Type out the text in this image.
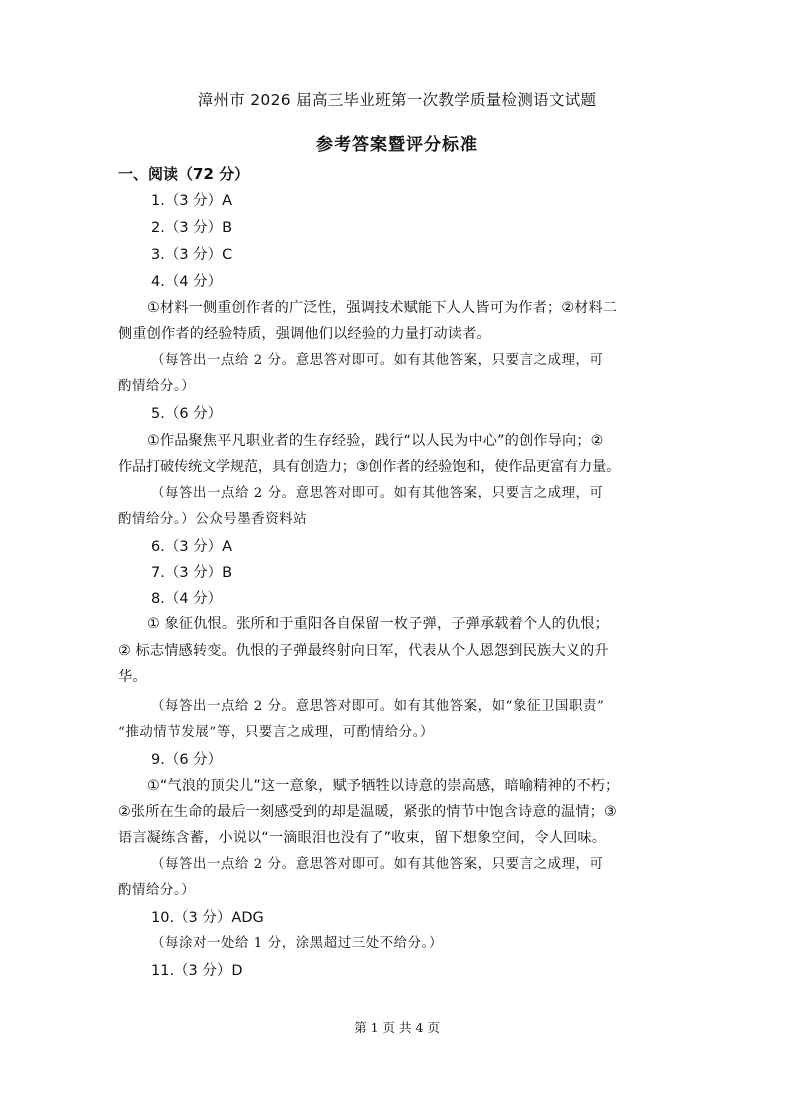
漳州市 2026 届高三毕业班第一次教学质量检测语文试题
参考答案暨评分标准
一、阅读（72 分）
1.（3 分）A
2.（3 分）B
3.（3 分）C
4.（4 分）
①材料一侧重创作者的广泛性，强调技术赋能下人人皆可为作者；②材料二
侧重创作者的经验特质，强调他们以经验的力量打动读者。
（每答出一点给 2 分。意思答对即可。如有其他答案，只要言之成理，可
酌情给分。）
5.（6 分）
①作品聚焦平凡职业者的生存经验，践行“以人民为中心”的创作导向；②
作品打破传统文学规范，具有创造力；③创作者的经验饱和，使作品更富有力量。
（每答出一点给 2 分。意思答对即可。如有其他答案，只要言之成理，可
酌情给分。）公众号墨香资料站
6.（3 分）A
7.（3 分）B
8.（4 分）
① 象征仇恨。张所和于重阳各自保留一枚子弹，子弹承载着个人的仇恨；
② 标志情感转变。仇恨的子弹最终射向日军，代表从个人恩怨到民族大义的升
华。
（每答出一点给 2 分。意思答对即可。如有其他答案，如“象征卫国职责”
“推动情节发展”等，只要言之成理，可酌情给分。）
9.（6 分）
①“气浪的顶尖儿”这一意象，赋予牺牲以诗意的崇高感，暗喻精神的不朽；
②张所在生命的最后一刻感受到的却是温暖，紧张的情节中饱含诗意的温情；③
语言凝练含蓄，小说以“一滴眼泪也没有了”收束，留下想象空间，令人回味。
（每答出一点给 2 分。意思答对即可。如有其他答案，只要言之成理，可
酌情给分。）
10.（3 分）ADG
（每涂对一处给 1 分，涂黑超过三处不给分。）
11.（3 分）D
第 1 页 共 4 页
